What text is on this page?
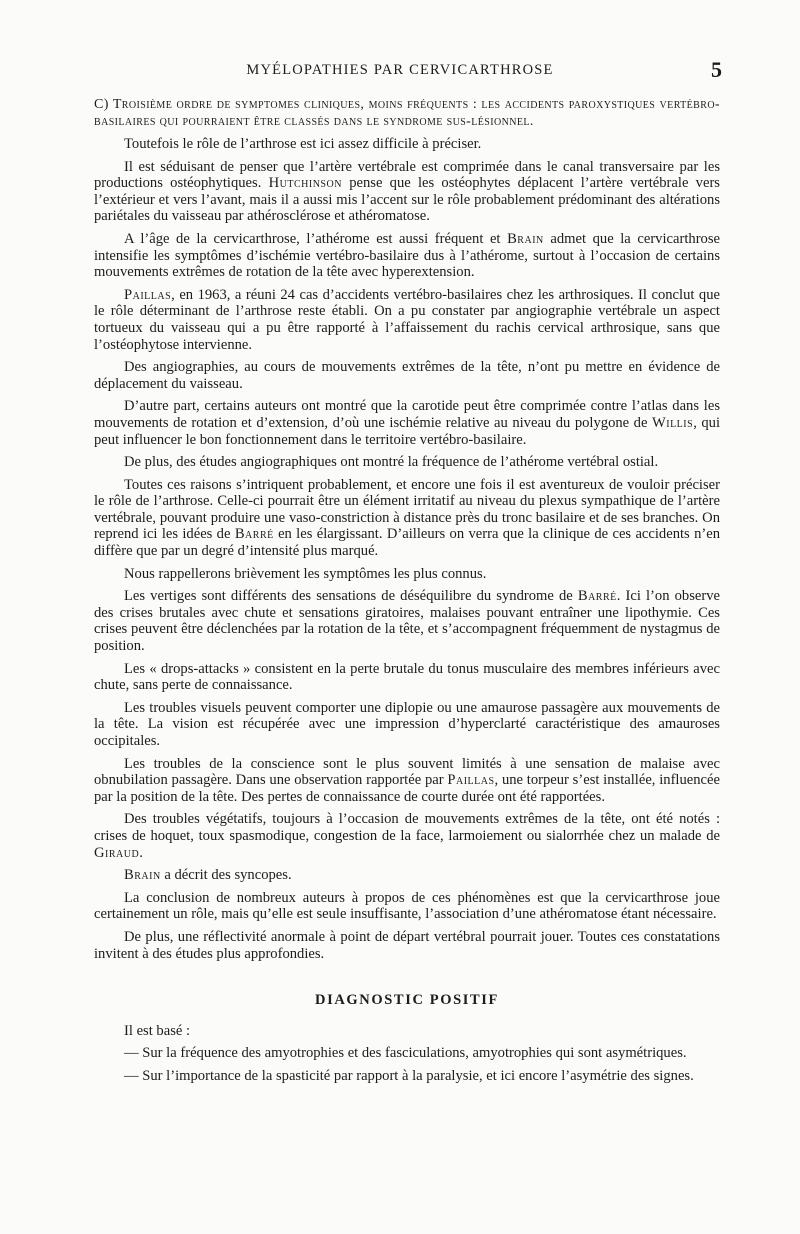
MYÉLOPATHIES PAR CERVICARTHROSE	5

C) Troisième ordre de symptomes cliniques, moins fréquents : les accidents paroxystiques vertébro-basilaires qui pourraient être classés dans le syndrome sus-lésionnel.

Toutefois le rôle de l’arthrose est ici assez difficile à préciser.

Il est séduisant de penser que l’artère vertébrale est comprimée dans le canal transversaire par les productions ostéophytiques. Hutchinson pense que les ostéophytes déplacent l’artère vertébrale vers l’extérieur et vers l’avant, mais il a aussi mis l’accent sur le rôle probablement prédominant des altérations pariétales du vaisseau par athérosclérose et athéromatose.

A l’âge de la cervicarthrose, l’athérome est aussi fréquent et Brain admet que la cervicarthrose intensifie les symptômes d’ischémie vertébro-basilaire dus à l’athérome, surtout à l’occasion de certains mouvements extrêmes de rotation de la tête avec hyperextension.

Paillas, en 1963, a réuni 24 cas d’accidents vertébro-basilaires chez les arthrosiques. Il conclut que le rôle déterminant de l’arthrose reste établi. On a pu constater par angiographie vertébrale un aspect tortueux du vaisseau qui a pu être rapporté à l’affaissement du rachis cervical arthrosique, sans que l’ostéophytose intervienne.

Des angiographies, au cours de mouvements extrêmes de la tête, n’ont pu mettre en évidence de déplacement du vaisseau.

D’autre part, certains auteurs ont montré que la carotide peut être comprimée contre l’atlas dans les mouvements de rotation et d’extension, d’où une ischémie relative au niveau du polygone de Willis, qui peut influencer le bon fonctionnement dans le territoire vertébro-basilaire.

De plus, des études angiographiques ont montré la fréquence de l’athérome vertébral ostial.

Toutes ces raisons s’intriquent probablement, et encore une fois il est aventureux de vouloir préciser le rôle de l’arthrose. Celle-ci pourrait être un élément irritatif au niveau du plexus sympathique de l’artère vertébrale, pouvant produire une vaso-constriction à distance près du tronc basilaire et de ses branches. On reprend ici les idées de Barré en les élargissant. D’ailleurs on verra que la clinique de ces accidents n’en diffère que par un degré d’intensité plus marqué.

Nous rappellerons brièvement les symptômes les plus connus.

Les vertiges sont différents des sensations de déséquilibre du syndrome de Barré. Ici l’on observe des crises brutales avec chute et sensations giratoires, malaises pouvant entraîner une lipothymie. Ces crises peuvent être déclenchées par la rotation de la tête, et s’accompagnent fréquemment de nystagmus de position.

Les « drops-attacks » consistent en la perte brutale du tonus musculaire des membres inférieurs avec chute, sans perte de connaissance.

Les troubles visuels peuvent comporter une diplopie ou une amaurose passagère aux mouvements de la tête. La vision est récupérée avec une impression d’hyperclarté caractéristique des amauroses occipitales.

Les troubles de la conscience sont le plus souvent limités à une sensation de malaise avec obnubilation passagère. Dans une observation rapportée par Paillas, une torpeur s’est installée, influencée par la position de la tête. Des pertes de connaissance de courte durée ont été rapportées.

Des troubles végétatifs, toujours à l’occasion de mouvements extrêmes de la tête, ont été notés : crises de hoquet, toux spasmodique, congestion de la face, larmoiement ou sialorrhée chez un malade de Giraud.

Brain a décrit des syncopes.

La conclusion de nombreux auteurs à propos de ces phénomènes est que la cervicarthrose joue certainement un rôle, mais qu’elle est seule insuffisante, l’association d’une athéromatose étant nécessaire.

De plus, une réflectivité anormale à point de départ vertébral pourrait jouer. Toutes ces constatations invitent à des études plus approfondies.

DIAGNOSTIC POSITIF

Il est basé :

— Sur la fréquence des amyotrophies et des fasciculations, amyotrophies qui sont asymétriques.

— Sur l’importance de la spasticité par rapport à la paralysie, et ici encore l’asymétrie des signes.
